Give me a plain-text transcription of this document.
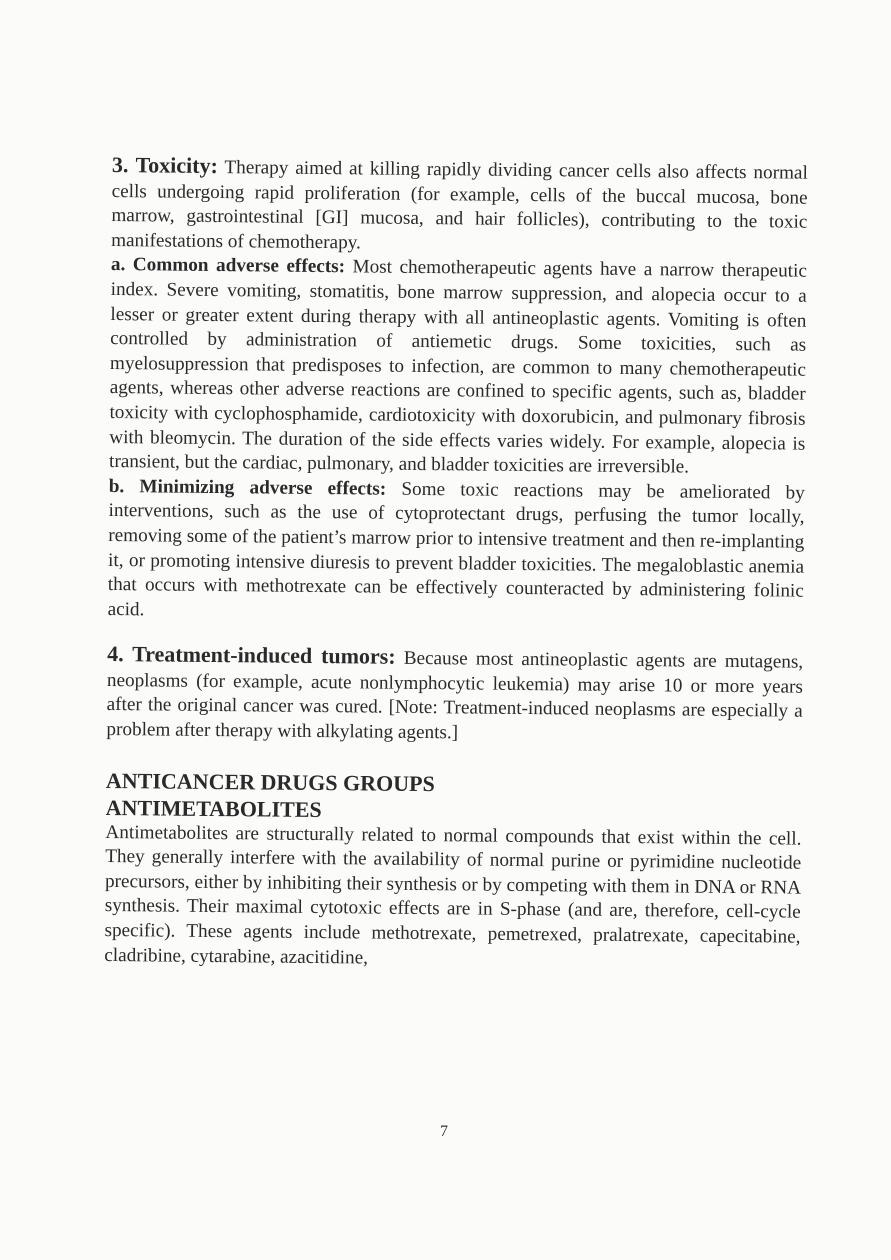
3. Toxicity: Therapy aimed at killing rapidly dividing cancer cells also affects normal cells undergoing rapid proliferation (for example, cells of the buccal mucosa, bone marrow, gastrointestinal [GI] mucosa, and hair follicles), contributing to the toxic manifestations of chemotherapy.

a. Common adverse effects: Most chemotherapeutic agents have a narrow therapeutic index. Severe vomiting, stomatitis, bone marrow suppression, and alopecia occur to a lesser or greater extent during therapy with all antineoplastic agents. Vomiting is often controlled by administration of antiemetic drugs. Some toxicities, such as myelosuppression that predisposes to infection, are common to many chemotherapeutic agents, whereas other adverse reactions are confined to specific agents, such as, bladder toxicity with cyclophosphamide, cardiotoxicity with doxorubicin, and pulmonary fibrosis with bleomycin. The duration of the side effects varies widely. For example, alopecia is transient, but the cardiac, pulmonary, and bladder toxicities are irreversible.

b. Minimizing adverse effects: Some toxic reactions may be ameliorated by interventions, such as the use of cytoprotectant drugs, perfusing the tumor locally, removing some of the patient’s marrow prior to intensive treatment and then re-implanting it, or promoting intensive diuresis to prevent bladder toxicities. The megaloblastic anemia that occurs with methotrexate can be effectively counteracted by administering folinic acid.

4. Treatment-induced tumors: Because most antineoplastic agents are mutagens, neoplasms (for example, acute nonlymphocytic leukemia) may arise 10 or more years after the original cancer was cured. [Note: Treatment-induced neoplasms are especially a problem after therapy with alkylating agents.]

ANTICANCER DRUGS GROUPS
ANTIMETABOLITES

Antimetabolites are structurally related to normal compounds that exist within the cell. They generally interfere with the availability of normal purine or pyrimidine nucleotide precursors, either by inhibiting their synthesis or by competing with them in DNA or RNA synthesis. Their maximal cytotoxic effects are in S-phase (and are, therefore, cell-cycle specific). These agents include methotrexate, pemetrexed, pralatrexate, capecitabine, cladribine, cytarabine, azacitidine,

7
